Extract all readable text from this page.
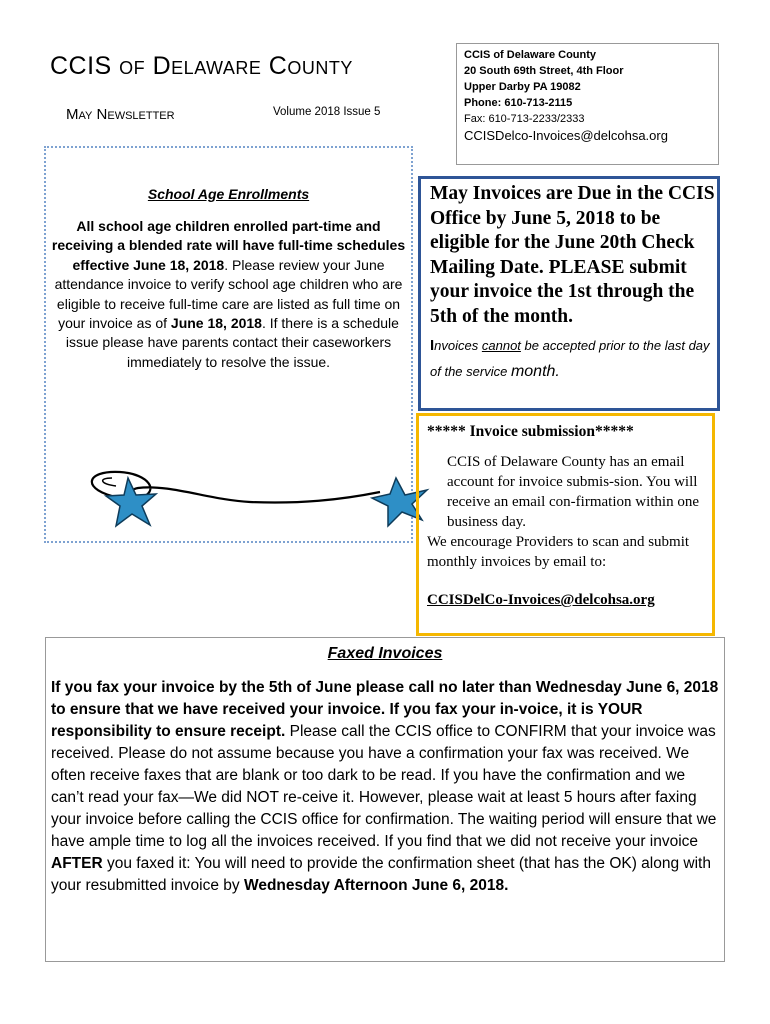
CCIS of Delaware County
May Newsletter	Volume 2018 Issue 5
CCIS of Delaware County
20 South 69th Street, 4th Floor
Upper Darby PA 19082
Phone: 610-713-2115
Fax: 610-713-2233/2333
CCISDelco-Invoices@delcohsa.org
School Age Enrollments
All school age children enrolled part-time and receiving a blended rate will have full-time schedules effective June 18, 2018. Please review your June attendance invoice to verify school age children who are eligible to receive full-time care are listed as full time on your invoice as of June 18, 2018. If there is a schedule issue please have parents contact their caseworkers immediately to resolve the issue.
May Invoices are Due in the CCIS Office by June 5, 2018 to be eligible for the June 20th Check Mailing Date. PLEASE submit your invoice the 1st through the 5th of the month.
Invoices cannot be accepted prior to the last day of the service month.
***** Invoice submission*****
CCIS of Delaware County has an email account for invoice submis-sion. You will receive an email con-firmation within one business day.
We encourage Providers to scan and submit monthly invoices by email to:
CCISDelCo-Invoices@delcohsa.org
Faxed Invoices
If you fax your invoice by the 5th of June please call no later than Wednesday June 6, 2018 to ensure that we have received your invoice. If you fax your in-voice, it is YOUR responsibility to ensure receipt. Please call the CCIS office to CONFIRM that your invoice was received. Please do not assume because you have a confirmation your fax was received. We often receive faxes that are blank or too dark to be read. If you have the confirmation and we can’t read your fax—We did NOT re-ceive it. However, please wait at least 5 hours after faxing your invoice before calling the CCIS office for confirmation. The waiting period will ensure that we have ample time to log all the invoices received. If you find that we did not receive your invoice AFTER you faxed it: You will need to provide the confirmation sheet (that has the OK) along with your resubmitted invoice by Wednesday Afternoon June 6, 2018.
